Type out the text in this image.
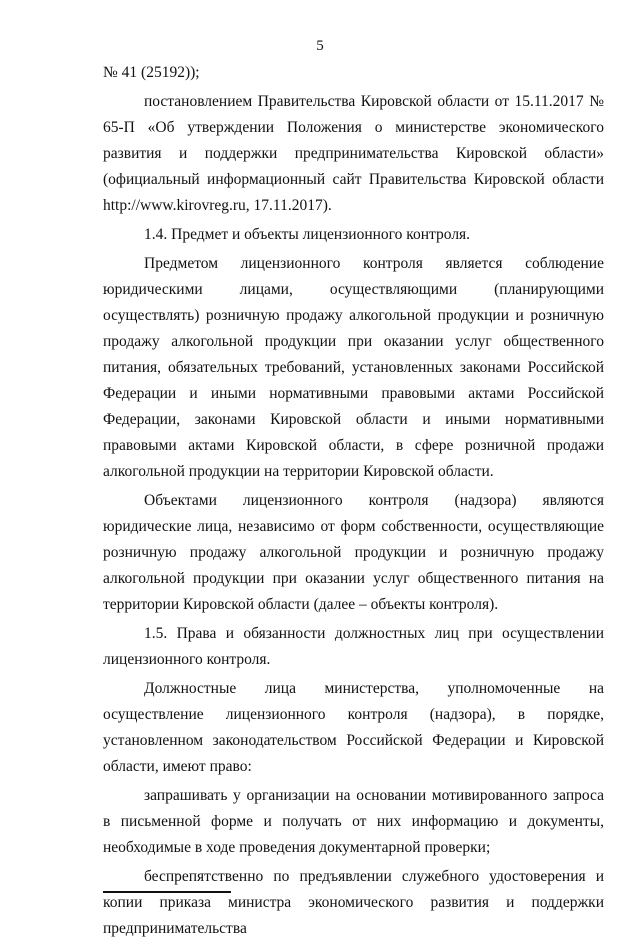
5

№ 41 (25192));

постановлением Правительства Кировской области от 15.11.2017 № 65-П «Об утверждении Положения о министерстве экономического развития и поддержки предпринимательства Кировской области» (официальный информационный сайт Правительства Кировской области http://www.kirovreg.ru, 17.11.2017).

1.4. Предмет и объекты лицензионного контроля.

Предметом лицензионного контроля является соблюдение юридическими лицами, осуществляющими (планирующими осуществлять) розничную продажу алкогольной продукции и розничную продажу алкогольной продукции при оказании услуг общественного питания, обязательных требований, установленных законами Российской Федерации и иными нормативными правовыми актами Российской Федерации, законами Кировской области и иными нормативными правовыми актами Кировской области, в сфере розничной продажи алкогольной продукции на территории Кировской области.

Объектами лицензионного контроля (надзора) являются юридические лица, независимо от форм собственности, осуществляющие розничную продажу алкогольной продукции и розничную продажу алкогольной продукции при оказании услуг общественного питания на территории Кировской области (далее – объекты контроля).

1.5. Права и обязанности должностных лиц при осуществлении лицензионного контроля.

Должностные лица министерства, уполномоченные на осуществление лицензионного контроля (надзора), в порядке, установленном законодательством Российской Федерации и Кировской области, имеют право:

запрашивать у организации на основании мотивированного запроса в письменной форме и получать от них информацию и документы, необходимые в ходе проведения документарной проверки;

беспрепятственно по предъявлении служебного удостоверения и копии приказа министра экономического развития и поддержки предпринимательства
